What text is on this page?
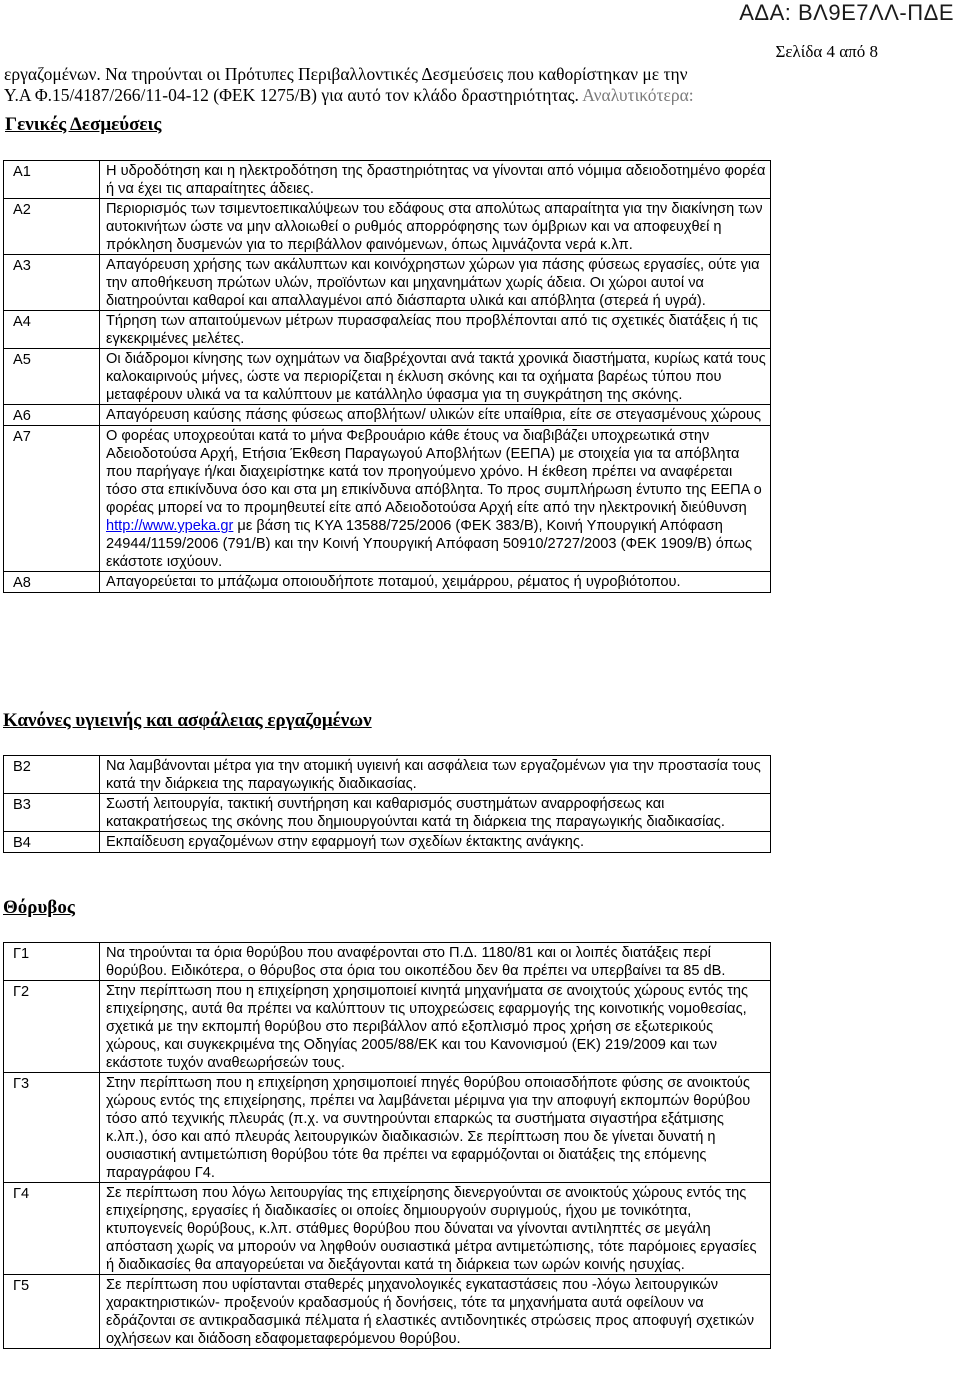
ΑΔΑ: ΒΛ9Ε7ΛΛ-ΠΔΕ
Σελίδα 4 από 8

εργαζομένων. Να τηρούνται οι Πρότυπες Περιβαλλοντικές Δεσμεύσεις που καθορίστηκαν με την
Υ.Α Φ.15/4187/266/11-04-12 (ΦΕΚ 1275/Β) για αυτό τον κλάδο δραστηριότητας. Αναλυτικότερα:

Γενικές Δεσμεύσεις
Α1	Η υδροδότηση και η ηλεκτροδότηση της δραστηριότητας να γίνονται από νόμιμα αδειοδοτημένο φορέα ή να έχει τις απαραίτητες άδειες.
Α2	Περιορισμός των τσιμεντοεπικαλύψεων του εδάφους στα απολύτως απαραίτητα για την διακίνηση των αυτοκινήτων ώστε να μην αλλοιωθεί ο ρυθμός απορρόφησης των όμβριων και να αποφευχθεί η πρόκληση δυσμενών για το περιβάλλον φαινόμενων, όπως λιμνάζοντα νερά κ.λπ.
Α3	Απαγόρευση χρήσης των ακάλυπτων και κοινόχρηστων χώρων για πάσης φύσεως εργασίες, ούτε για την αποθήκευση πρώτων υλών, προϊόντων και μηχανημάτων χωρίς άδεια. Οι χώροι αυτοί να διατηρούνται καθαροί και απαλλαγμένοι από διάσπαρτα υλικά και απόβλητα (στερεά ή υγρά).
Α4	Τήρηση των απαιτούμενων μέτρων πυρασφαλείας που προβλέπονται από τις σχετικές διατάξεις ή τις εγκεκριμένες μελέτες.
Α5	Οι διάδρομοι κίνησης των οχημάτων να διαβρέχονται ανά τακτά χρονικά διαστήματα, κυρίως κατά τους καλοκαιρινούς μήνες, ώστε να περιορίζεται η έκλυση σκόνης και τα οχήματα βαρέως τύπου που μεταφέρουν υλικά να τα καλύπτουν με κατάλληλο ύφασμα για τη συγκράτηση της σκόνης.
Α6	Απαγόρευση καύσης πάσης φύσεως αποβλήτων/ υλικών είτε υπαίθρια, είτε σε στεγασμένους χώρους
Α7	Ο φορέας υποχρεούται κατά το μήνα Φεβρουάριο κάθε έτους να διαβιβάζει υποχρεωτικά στην Αδειοδοτούσα Αρχή, Ετήσια Έκθεση Παραγωγού Αποβλήτων (ΕΕΠΑ) με στοιχεία για τα απόβλητα που παρήγαγε ή/και διαχειρίστηκε κατά τον προηγούμενο χρόνο. Η έκθεση πρέπει να αναφέρεται τόσο στα επικίνδυνα όσο και στα μη επικίνδυνα απόβλητα. Το προς συμπλήρωση έντυπο της ΕΕΠΑ ο φορέας μπορεί να το προμηθευτεί είτε από Αδειοδοτούσα Αρχή είτε από την ηλεκτρονική διεύθυνση http://www.ypeka.gr με βάση τις ΚΥΑ 13588/725/2006 (ΦΕΚ 383/Β), Κοινή Υπουργική Απόφαση 24944/1159/2006 (791/Β) και την Κοινή Υπουργική Απόφαση 50910/2727/2003 (ΦΕΚ 1909/Β) όπως εκάστοτε ισχύουν.
Α8	Απαγορεύεται το μπάζωμα οποιουδήποτε ποταμού, χειμάρρου, ρέματος ή υγροβιότοπου.
Κανόνες υγιεινής και ασφάλειας εργαζομένων
Β2	Να λαμβάνονται μέτρα για την ατομική υγιεινή και ασφάλεια των εργαζομένων για την προστασία τους κατά την διάρκεια της παραγωγικής διαδικασίας.
Β3	Σωστή λειτουργία, τακτική συντήρηση και καθαρισμός συστημάτων αναρροφήσεως και κατακρατήσεως της σκόνης που δημιουργούνται κατά τη διάρκεια της παραγωγικής διαδικασίας.
Β4	Εκπαίδευση εργαζομένων στην εφαρμογή των σχεδίων έκτακτης ανάγκης.
Θόρυβος
Γ1	Να τηρούνται τα όρια θορύβου που αναφέρονται στο Π.Δ. 1180/81 και οι λοιπές διατάξεις περί θορύβου. Ειδικότερα, ο θόρυβος στα όρια του οικοπέδου δεν θα πρέπει να υπερβαίνει τα 85 dB.
Γ2	Στην περίπτωση που η επιχείρηση χρησιμοποιεί κινητά μηχανήματα σε ανοιχτούς χώρους εντός της επιχείρησης, αυτά θα πρέπει να καλύπτουν τις υποχρεώσεις εφαρμογής της κοινοτικής νομοθεσίας, σχετικά με την εκπομπή θορύβου στο περιβάλλον από εξοπλισμό προς χρήση σε εξωτερικούς χώρους, και συγκεκριμένα της Οδηγίας 2005/88/ΕΚ και του Κανονισμού (ΕΚ) 219/2009 και των εκάστοτε τυχόν αναθεωρήσεών τους.
Γ3	Στην περίπτωση που η επιχείρηση χρησιμοποιεί πηγές θορύβου οποιασδήποτε φύσης σε ανοικτούς χώρους εντός της επιχείρησης, πρέπει να λαμβάνεται μέριμνα για την αποφυγή εκπομπών θορύβου τόσο από τεχνικής πλευράς (π.χ. να συντηρούνται επαρκώς τα συστήματα σιγαστήρα εξάτμισης κ.λπ.), όσο και από πλευράς λειτουργικών διαδικασιών. Σε περίπτωση που δε γίνεται δυνατή η ουσιαστική αντιμετώπιση θορύβου τότε θα πρέπει να εφαρμόζονται οι διατάξεις της επόμενης παραγράφου Γ4.
Γ4	Σε περίπτωση που λόγω λειτουργίας της επιχείρησης διενεργούνται σε ανοικτούς χώρους εντός της επιχείρησης, εργασίες ή διαδικασίες οι οποίες δημιουργούν συριγμούς, ήχου με τονικότητα, κτυπογενείς θορύβους, κ.λπ. στάθμες θορύβου που δύναται να γίνονται αντιληπτές σε μεγάλη απόσταση χωρίς να μπορούν να ληφθούν ουσιαστικά μέτρα αντιμετώπισης, τότε παρόμοιες εργασίες ή διαδικασίες θα απαγορεύεται να διεξάγονται κατά τη διάρκεια των ωρών κοινής ησυχίας.
Γ5	Σε περίπτωση που υφίστανται σταθερές μηχανολογικές εγκαταστάσεις που -λόγω λειτουργικών χαρακτηριστικών- προξενούν κραδασμούς ή δονήσεις, τότε τα μηχανήματα αυτά οφείλουν να εδράζονται σε αντικραδασμικά πέλματα ή ελαστικές αντιδονητικές στρώσεις προς αποφυγή σχετικών οχλήσεων και διάδοση εδαφομεταφερόμενου θορύβου.
